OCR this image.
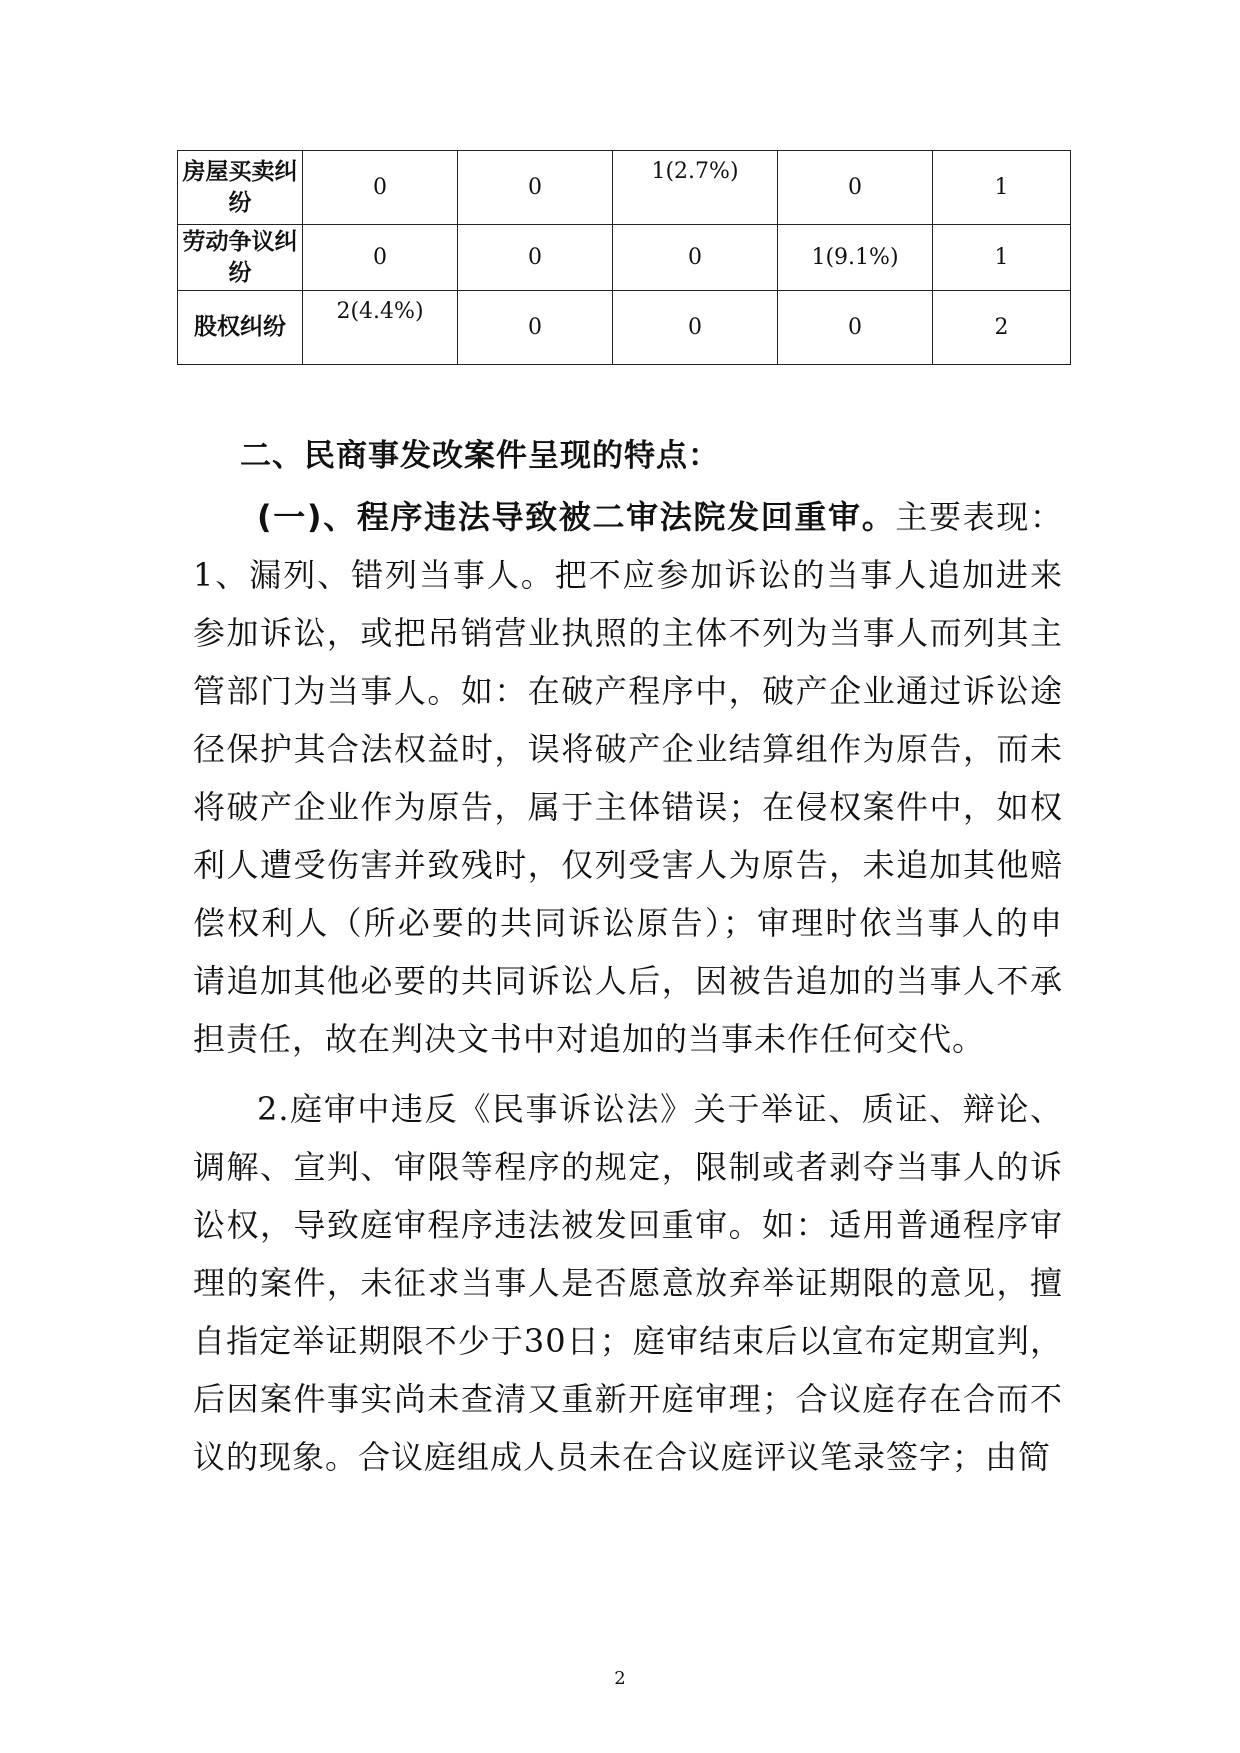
房屋买卖纠纷	0	0	1(2.7%)	0	1
劳动争议纠纷	0	0	0	1(9.1%)	1
股权纠纷	2(4.4%)	0	0	0	2
二、民商事发改案件呈现的特点：

(一)、程序违法导致被二审法院发回重审。主要表现：1、漏列、错列当事人。把不应参加诉讼的当事人追加进来参加诉讼，或把吊销营业执照的主体不列为当事人而列其主管部门为当事人。如：在破产程序中，破产企业通过诉讼途径保护其合法权益时，误将破产企业结算组作为原告，而未将破产企业作为原告，属于主体错误；在侵权案件中，如权利人遭受伤害并致残时，仅列受害人为原告，未追加其他赔偿权利人（所必要的共同诉讼原告）；审理时依当事人的申请追加其他必要的共同诉讼人后，因被告追加的当事人不承担责任，故在判决文书中对追加的当事未作任何交代。

2.庭审中违反《民事诉讼法》关于举证、质证、辩论、调解、宣判、审限等程序的规定，限制或者剥夺当事人的诉讼权，导致庭审程序违法被发回重审。如：适用普通程序审理的案件，未征求当事人是否愿意放弃举证期限的意见，擅自指定举证期限不少于30日；庭审结束后以宣布定期宣判，后因案件事实尚未查清又重新开庭审理；合议庭存在合而不议的现象。合议庭组成人员未在合议庭评议笔录签字；由简

2
